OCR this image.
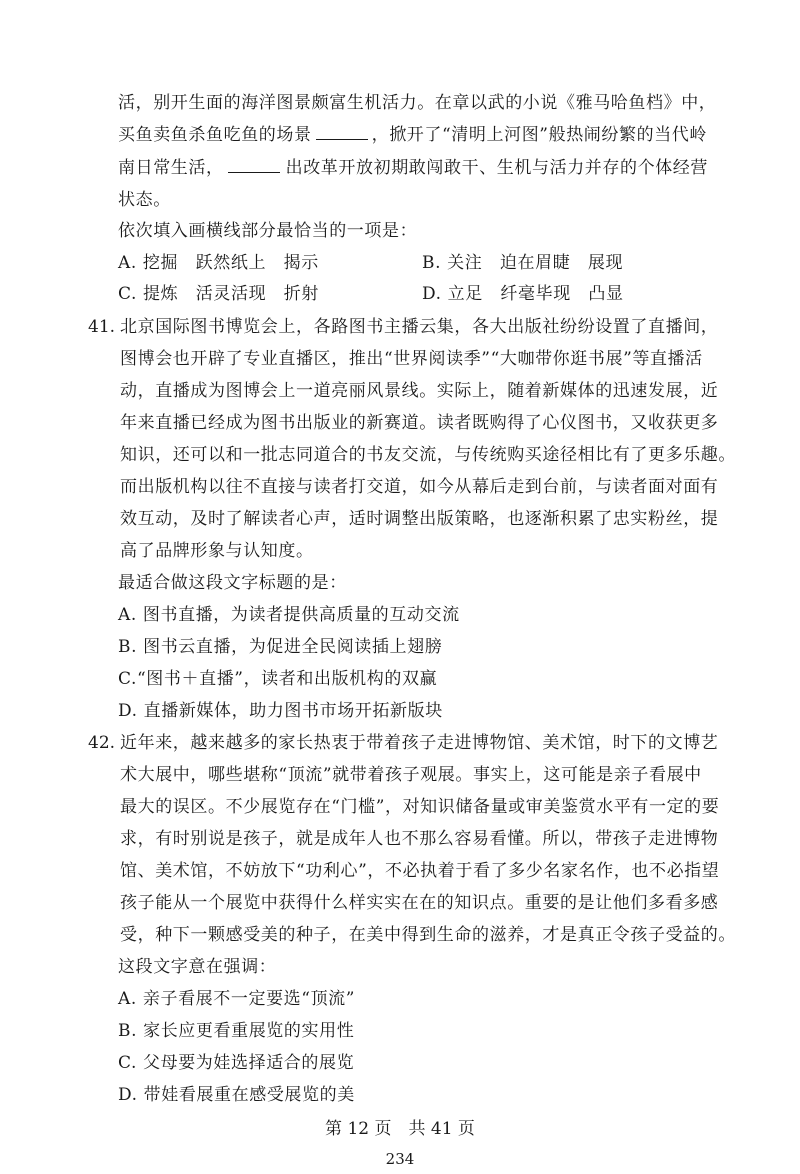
活，别开生面的海洋图景颇富生机活力。在章以武的小说《雅马哈鱼档》中，
买鱼卖鱼杀鱼吃鱼的场景	，掀开了“清明上河图”般热闹纷繁的当代岭
南日常生活，	出改革开放初期敢闯敢干、生机与活力并存的个体经营
状态。
依次填入画横线部分最恰当的一项是：
A. 挖掘　跃然纸上　揭示	B. 关注　迫在眉睫　展现
C. 提炼　活灵活现　折射	D. 立足　纤毫毕现　凸显
41. 北京国际图书博览会上，各路图书主播云集，各大出版社纷纷设置了直播间，
图博会也开辟了专业直播区，推出“世界阅读季”“大咖带你逛书展”等直播活
动，直播成为图博会上一道亮丽风景线。实际上，随着新媒体的迅速发展，近
年来直播已经成为图书出版业的新赛道。读者既购得了心仪图书，又收获更多
知识，还可以和一批志同道合的书友交流，与传统购买途径相比有了更多乐趣。
而出版机构以往不直接与读者打交道，如今从幕后走到台前，与读者面对面有
效互动，及时了解读者心声，适时调整出版策略，也逐渐积累了忠实粉丝，提
高了品牌形象与认知度。
最适合做这段文字标题的是：
A. 图书直播，为读者提供高质量的互动交流
B. 图书云直播，为促进全民阅读插上翅膀
C.“图书＋直播”，读者和出版机构的双赢
D. 直播新媒体，助力图书市场开拓新版块
42. 近年来，越来越多的家长热衷于带着孩子走进博物馆、美术馆，时下的文博艺
术大展中，哪些堪称“顶流”就带着孩子观展。事实上，这可能是亲子看展中
最大的误区。不少展览存在“门槛”，对知识储备量或审美鉴赏水平有一定的要
求，有时别说是孩子，就是成年人也不那么容易看懂。所以，带孩子走进博物
馆、美术馆，不妨放下“功利心”，不必执着于看了多少名家名作，也不必指望
孩子能从一个展览中获得什么样实实在在的知识点。重要的是让他们多看多感
受，种下一颗感受美的种子，在美中得到生命的滋养，才是真正令孩子受益的。
这段文字意在强调：
A. 亲子看展不一定要选“顶流”
B. 家长应更看重展览的实用性
C. 父母要为娃选择适合的展览
D. 带娃看展重在感受展览的美
第 12 页　共 41 页
234
